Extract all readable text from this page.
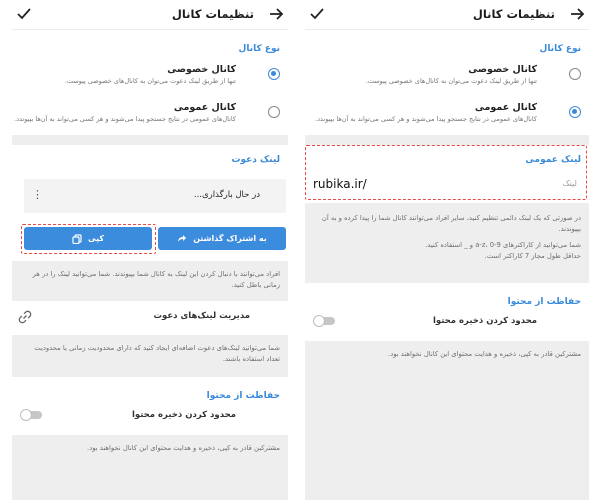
تنظیمات کانال
نوع کانال
کانال خصوصی
تنها از طریق لینک دعوت می‌توان به کانال‌های خصوصی پیوست.
کانال عمومی
کانال‌های عمومی در نتایج جستجو پیدا می‌شوند و هر کسی می‌تواند به آن‌ها بپیوندد.
لینک دعوت
در حال بارگذاری...
⋮
به اشتراک گذاشتن
کپی
افراد می‌توانند با دنبال کردن این لینک به کانال شما بپیوندند. شما می‌توانید لینک را در هر زمانی باطل کنید.
مدیریت لینک‌های دعوت
شما می‌توانید لینک‌های دعوت اضافه‌ای ایجاد کنید که دارای محدودیت زمانی یا محدودیت تعداد استفاده باشند.
حفاظت از محتوا
محدود کردن ذخیره محتوا
مشترکین قادر به کپی، ذخیره و هدایت محتوای این کانال نخواهند بود.
تنظیمات کانال
نوع کانال
کانال خصوصی
تنها از طریق لینک دعوت می‌توان به کانال‌های خصوصی پیوست.
کانال عمومی
کانال‌های عمومی در نتایج جستجو پیدا می‌شوند و هر کسی می‌تواند به آن‌ها بپیوندد.
لینک عمومی
rubika.ir/	لینک
در صورتی که یک لینک دائمی تنظیم کنید، سایر افراد می‌توانند کانال شما را پیدا کرده و به آن بپیوندند.
شما می‌توانید از کاراکترهای a-z، 0-9 و _ استفاده کنید.
حداقل طول مجاز 7 کاراکتر است.
حفاظت از محتوا
محدود کردن ذخیره محتوا
مشترکین قادر به کپی، ذخیره و هدایت محتوای این کانال نخواهند بود.
